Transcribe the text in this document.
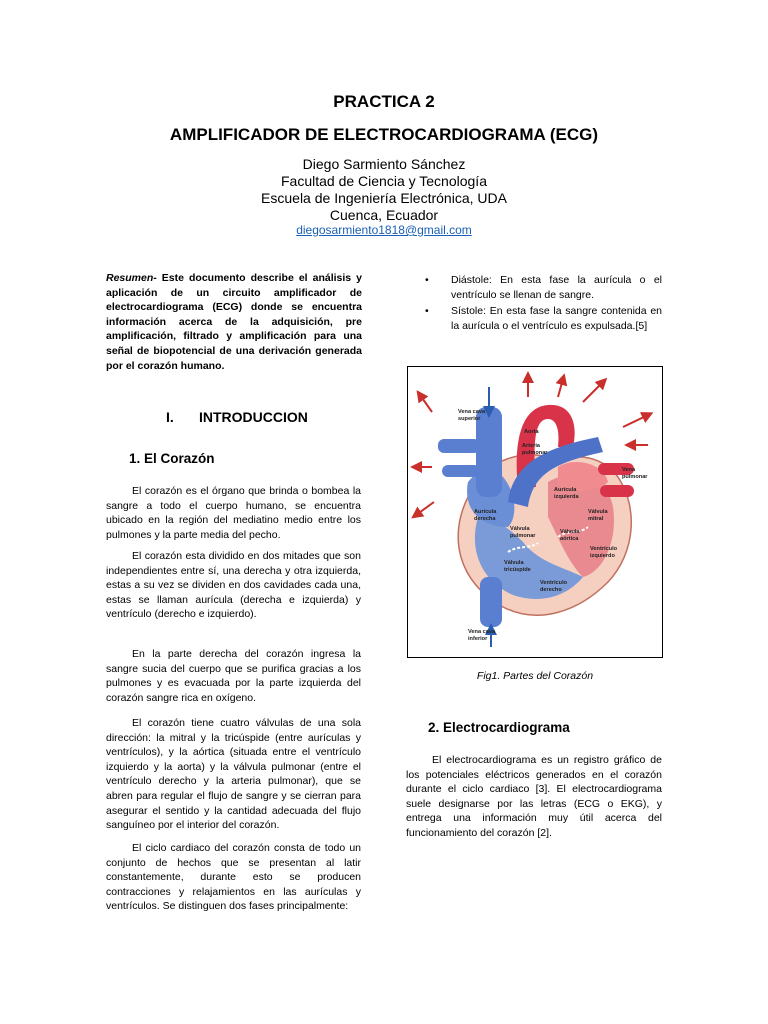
PRACTICA 2
AMPLIFICADOR DE ELECTROCARDIOGRAMA (ECG)
Diego Sarmiento Sánchez
Facultad de Ciencia y Tecnología
Escuela de Ingeniería Electrónica, UDA
Cuenca, Ecuador
diegosarmiento1818@gmail.com
Resumen- Este documento describe el análisis y aplicación de un circuito amplificador de electrocardiograma (ECG) donde se encuentra información acerca de la adquisición, pre amplificación, filtrado y amplificación para una señal de biopotencial de una derivación generada por el corazón humano.
I. INTRODUCCION
1. El Corazón

El corazón es el órgano que brinda o bombea la sangre a todo el cuerpo humano, se encuentra ubicado en la región del mediatino medio entre los pulmones y la parte media del pecho.

El corazón esta dividido en dos mitades que son independientes entre sí, una derecha y otra izquierda, estas a su vez se dividen en dos cavidades cada una, estas se llaman aurícula (derecha e izquierda) y ventrículo (derecho e izquierdo).

En la parte derecha del corazón ingresa la sangre sucia del cuerpo que se purifica gracias a los pulmones y es evacuada por la parte izquierda del corazón sangre rica en oxígeno.

El corazón tiene cuatro válvulas de una sola dirección: la mitral y la tricúspide (entre aurículas y ventrículos), y la aórtica (situada entre el ventrículo izquierdo y la aorta) y la válvula pulmonar (entre el ventrículo derecho y la arteria pulmonar), que se abren para regular el flujo de sangre y se cierran para asegurar el sentido y la cantidad adecuada del flujo sanguíneo por el interior del corazón.

El ciclo cardiaco del corazón consta de todo un conjunto de hechos que se presentan al latir constantemente, durante esto se producen contracciones y relajamientos en las aurículas y ventrículos. Se distinguen dos fases principalmente:

• Diástole: En esta fase la aurícula o el ventrículo se llenan de sangre.
• Sístole: En esta fase la sangre contenida en la aurícula o el ventrículo es expulsada.[5]
Vena cava
superior
Aorta
Arteria
pulmonar
Vena
pulmonar
Aurícula
izquierda
Aurícula
derecha
Válvula
pulmonar
Válvula
mitral
Válvula
aórtica
Ventrículo
izquierdo
Válvula
tricúspide
Ventrículo
derecho
Vena cava
inferior
Fig1. Partes del Corazón
2. Electrocardiograma

El electrocardiograma es un registro gráfico de los potenciales eléctricos generados en el corazón durante el ciclo cardiaco [3]. El electrocardiograma suele designarse por las letras (ECG o EKG), y entrega una información muy útil acerca del funcionamiento del corazón [2].
